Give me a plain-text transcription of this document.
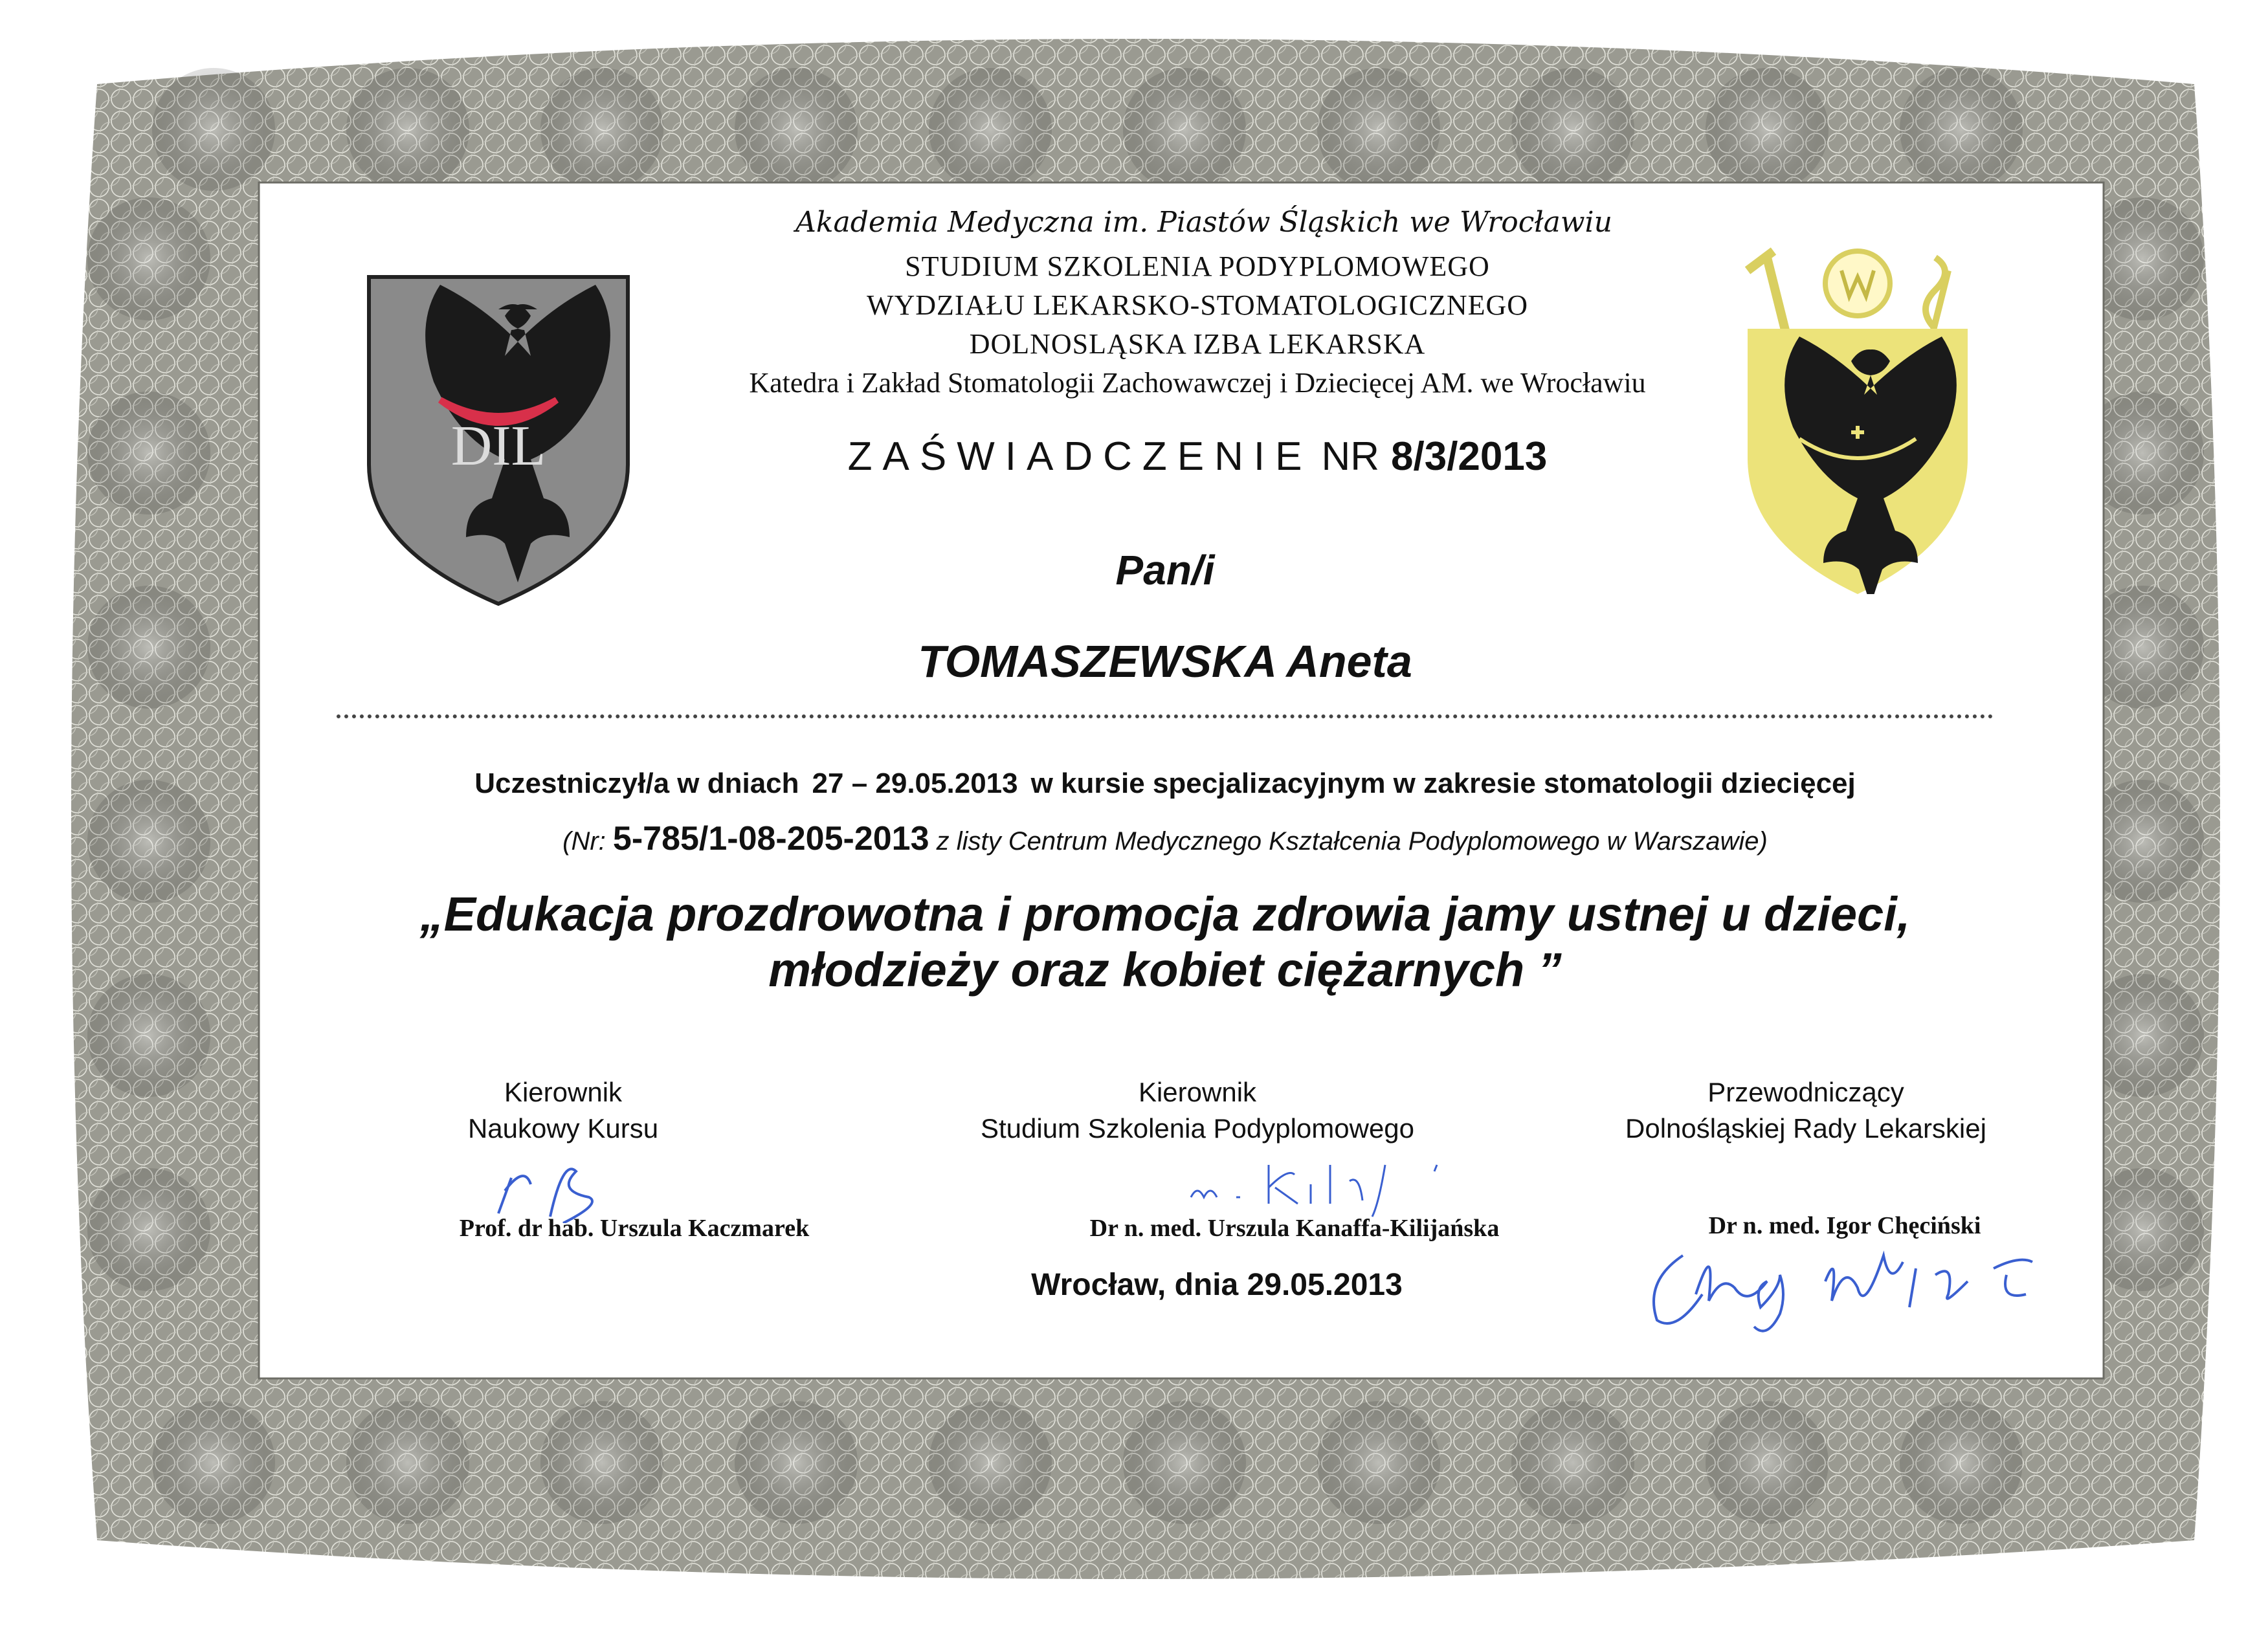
DIL
Akademia Medyczna im. Piastów Śląskich we Wrocławiu
STUDIUM SZKOLENIA PODYPLOMOWEGO
WYDZIAŁU LEKARSKO-STOMATOLOGICZNEGO
DOLNOSLĄSKA IZBA LEKARSKA
Katedra i Zakład Stomatologii Zachowawczej i Dziecięcej AM. we Wrocławiu
ZAŚWIADCZENIE NR 8/3/2013
Pan/i
TOMASZEWSKA Aneta
Uczestniczył/a w dniach 27 – 29.05.2013 w kursie specjalizacyjnym w zakresie stomatologii dziecięcej
(Nr: 5-785/1-08-205-2013 z listy Centrum Medycznego Kształcenia Podyplomowego w Warszawie)
„Edukacja prozdrowotna i promocja zdrowia jamy ustnej u dzieci,
młodzieży oraz kobiet ciężarnych ”
Kierownik
Naukowy Kursu
Kierownik
Studium Szkolenia Podyplomowego
Przewodniczący
Dolnośląskiej Rady Lekarskiej
Prof. dr hab. Urszula Kaczmarek	Dr n. med. Urszula Kanaffa-Kilijańska	Dr n. med. Igor Chęciński
Wrocław, dnia 29.05.2013
